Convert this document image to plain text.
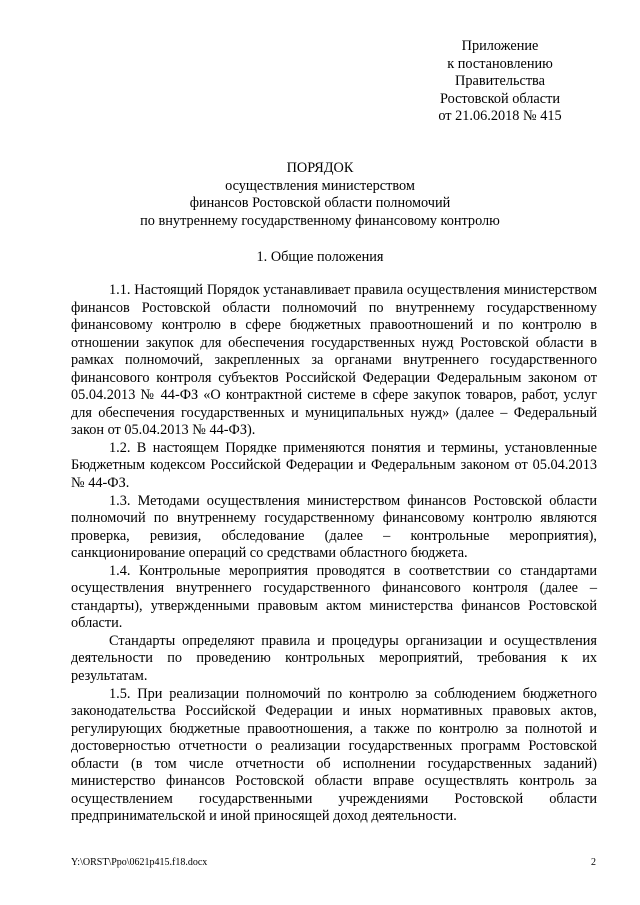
Приложение
к постановлению
Правительства
Ростовской области
от 21.06.2018 № 415
ПОРЯДОК
осуществления министерством
финансов Ростовской области полномочий
по внутреннему государственному финансовому контролю
1. Общие положения

1.1. Настоящий Порядок устанавливает правила осуществления министерством финансов Ростовской области полномочий по внутреннему государственному финансовому контролю в сфере бюджетных правоотношений и по контролю в отношении закупок для обеспечения государственных нужд Ростовской области в рамках полномочий, закрепленных за органами внутреннего государственного финансового контроля субъектов Российской Федерации Федеральным законом от 05.04.2013 № 44-ФЗ «О контрактной системе в сфере закупок товаров, работ, услуг для обеспечения государственных и муниципальных нужд» (далее – Федеральный закон от 05.04.2013 № 44-ФЗ).

1.2. В настоящем Порядке применяются понятия и термины, установленные Бюджетным кодексом Российской Федерации и Федеральным законом от 05.04.2013 № 44-ФЗ.

1.3. Методами осуществления министерством финансов Ростовской области полномочий по внутреннему государственному финансовому контролю являются проверка, ревизия, обследование (далее – контрольные мероприятия), санкционирование операций со средствами областного бюджета.

1.4. Контрольные мероприятия проводятся в соответствии со стандартами осуществления внутреннего государственного финансового контроля (далее – стандарты), утвержденными правовым актом министерства финансов Ростовской области.

Стандарты определяют правила и процедуры организации и осуществления деятельности по проведению контрольных мероприятий, требования к их результатам.

1.5. При реализации полномочий по контролю за соблюдением бюджетного законодательства Российской Федерации и иных нормативных правовых актов, регулирующих бюджетные правоотношения, а также по контролю за полнотой и достоверностью отчетности о реализации государственных программ Ростовской области (в том числе отчетности об исполнении государственных заданий) министерство финансов Ростовской области вправе осуществлять контроль за осуществлением государственными учреждениями Ростовской области предпринимательской и иной приносящей доход деятельности.

Y:\ORST\Ppo\0621p415.f18.docx	2
